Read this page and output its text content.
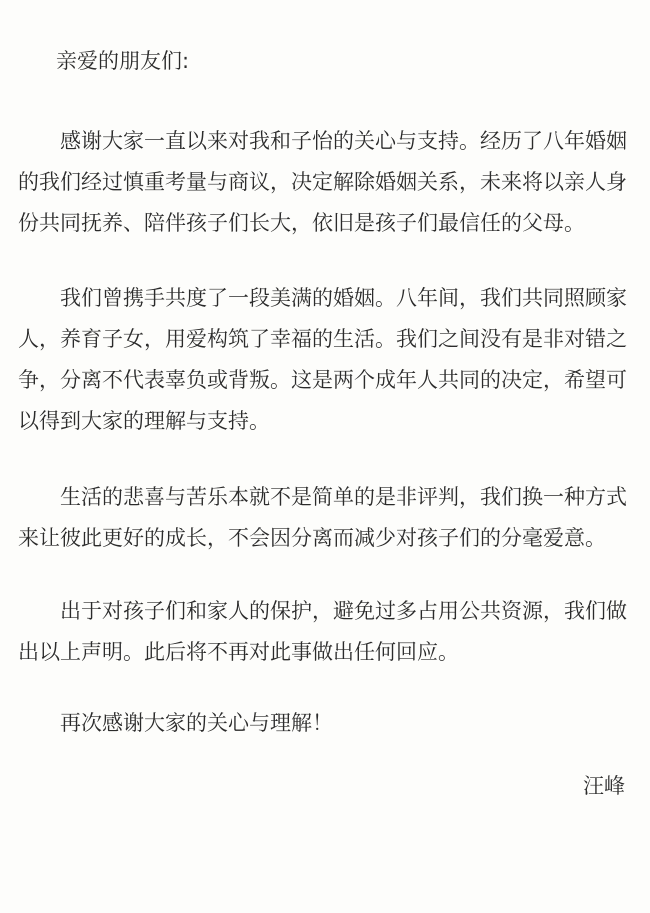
亲爱的朋友们:
　　感谢大家一直以来对我和子怡的关心与支持。经历了八年婚姻
的我们经过慎重考量与商议，决定解除婚姻关系，未来将以亲人身
份共同抚养、陪伴孩子们长大，依旧是孩子们最信任的父母。
　　我们曾携手共度了一段美满的婚姻。八年间，我们共同照顾家
人，养育子女，用爱构筑了幸福的生活。我们之间没有是非对错之
争，分离不代表辜负或背叛。这是两个成年人共同的决定，希望可
以得到大家的理解与支持。
　　生活的悲喜与苦乐本就不是简单的是非评判，我们换一种方式
来让彼此更好的成长，不会因分离而减少对孩子们的分毫爱意。
　　出于对孩子们和家人的保护，避免过多占用公共资源，我们做
出以上声明。此后将不再对此事做出任何回应。
　　再次感谢大家的关心与理解！
汪峰
